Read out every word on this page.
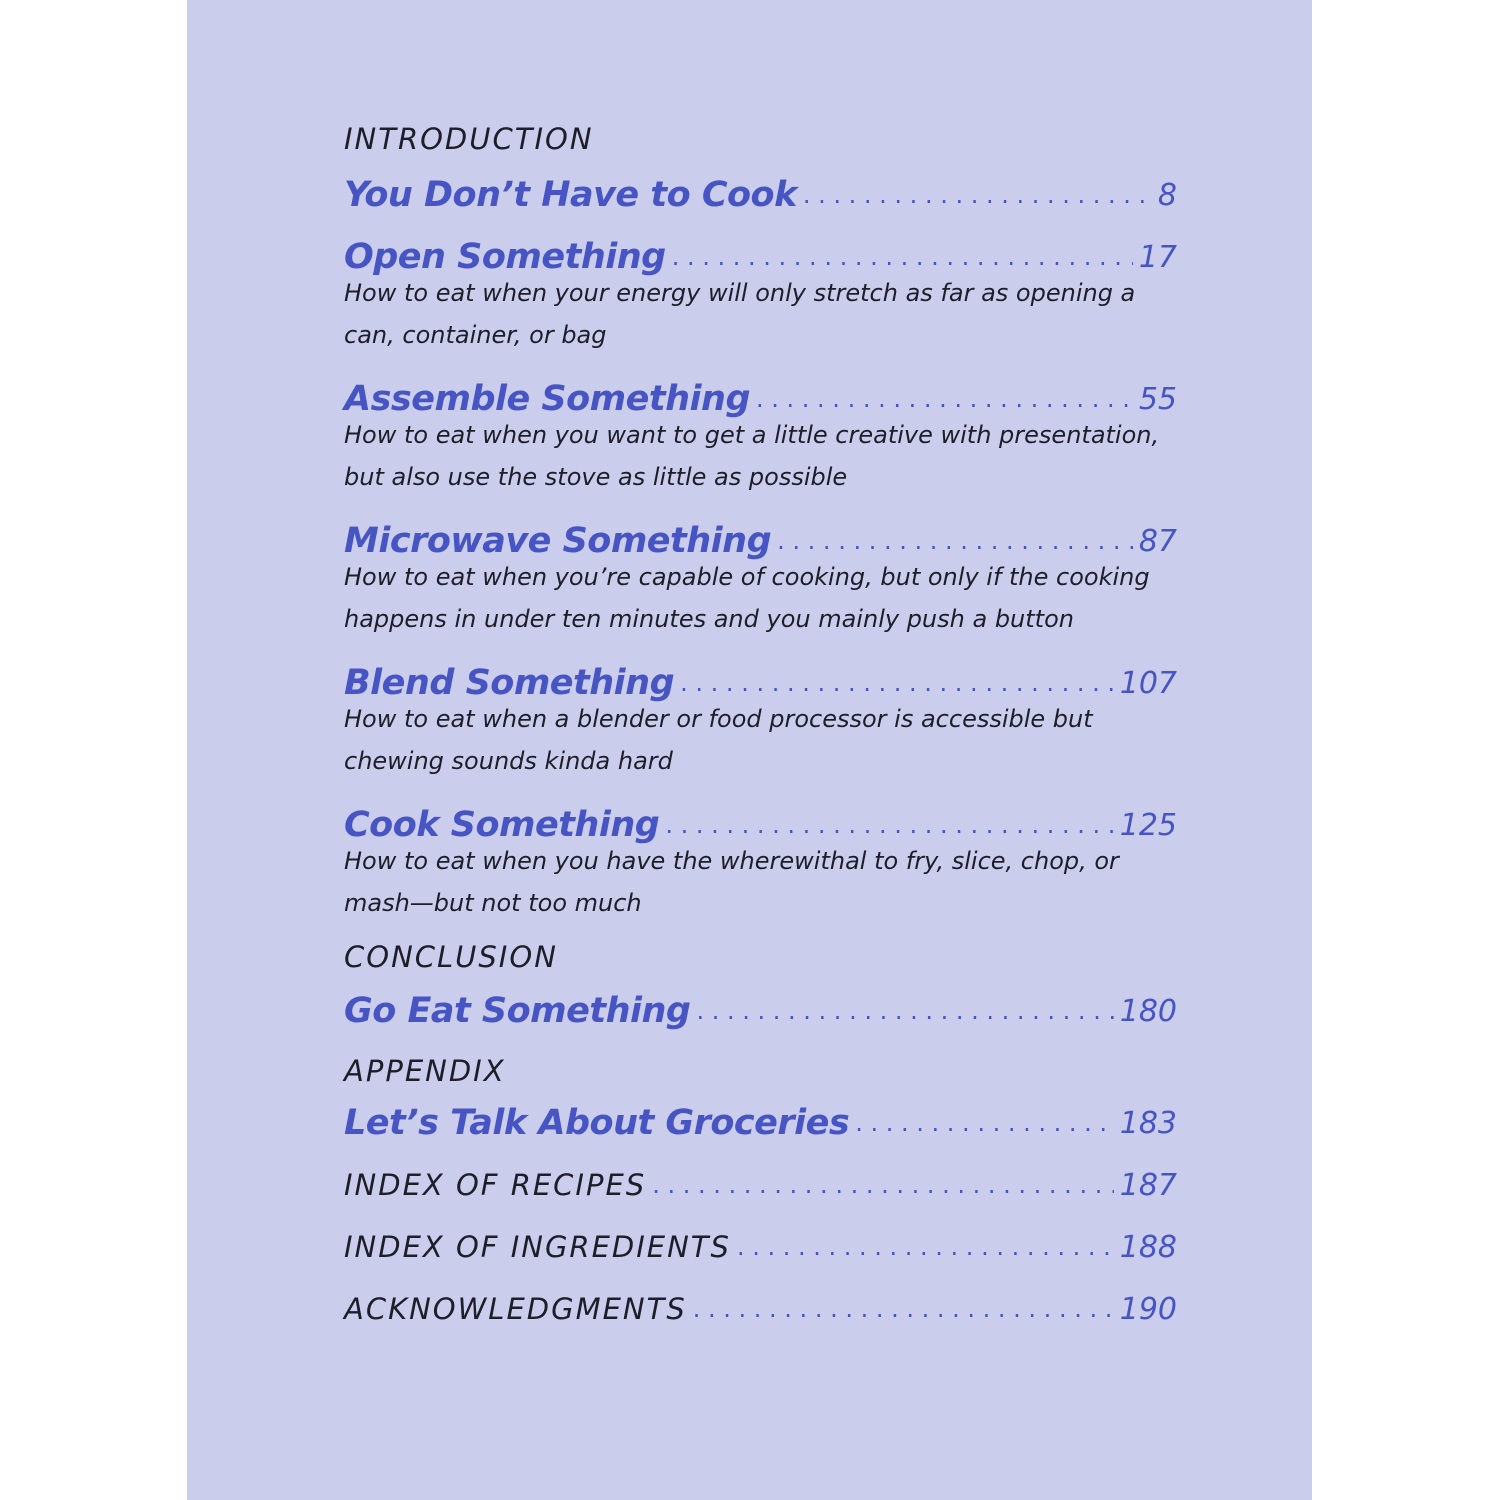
INTRODUCTION
You Don’t Have to Cook . . .	8
Open Something . . .	17
How to eat when your energy will only stretch as far as opening a can, container, or bag
Assemble Something . . .	55
How to eat when you want to get a little creative with presentation, but also use the stove as little as possible
Microwave Something . . .	87
How to eat when you’re capable of cooking, but only if the cooking happens in under ten minutes and you mainly push a button
Blend Something . . .	107
How to eat when a blender or food processor is accessible but chewing sounds kinda hard
Cook Something . . .	125
How to eat when you have the wherewithal to fry, slice, chop, or mash—but not too much
CONCLUSION
Go Eat Something . . .	180
APPENDIX
Let’s Talk About Groceries . . .	183
INDEX OF RECIPES . . .	187
INDEX OF INGREDIENTS . . .	188
ACKNOWLEDGMENTS . . .	190
